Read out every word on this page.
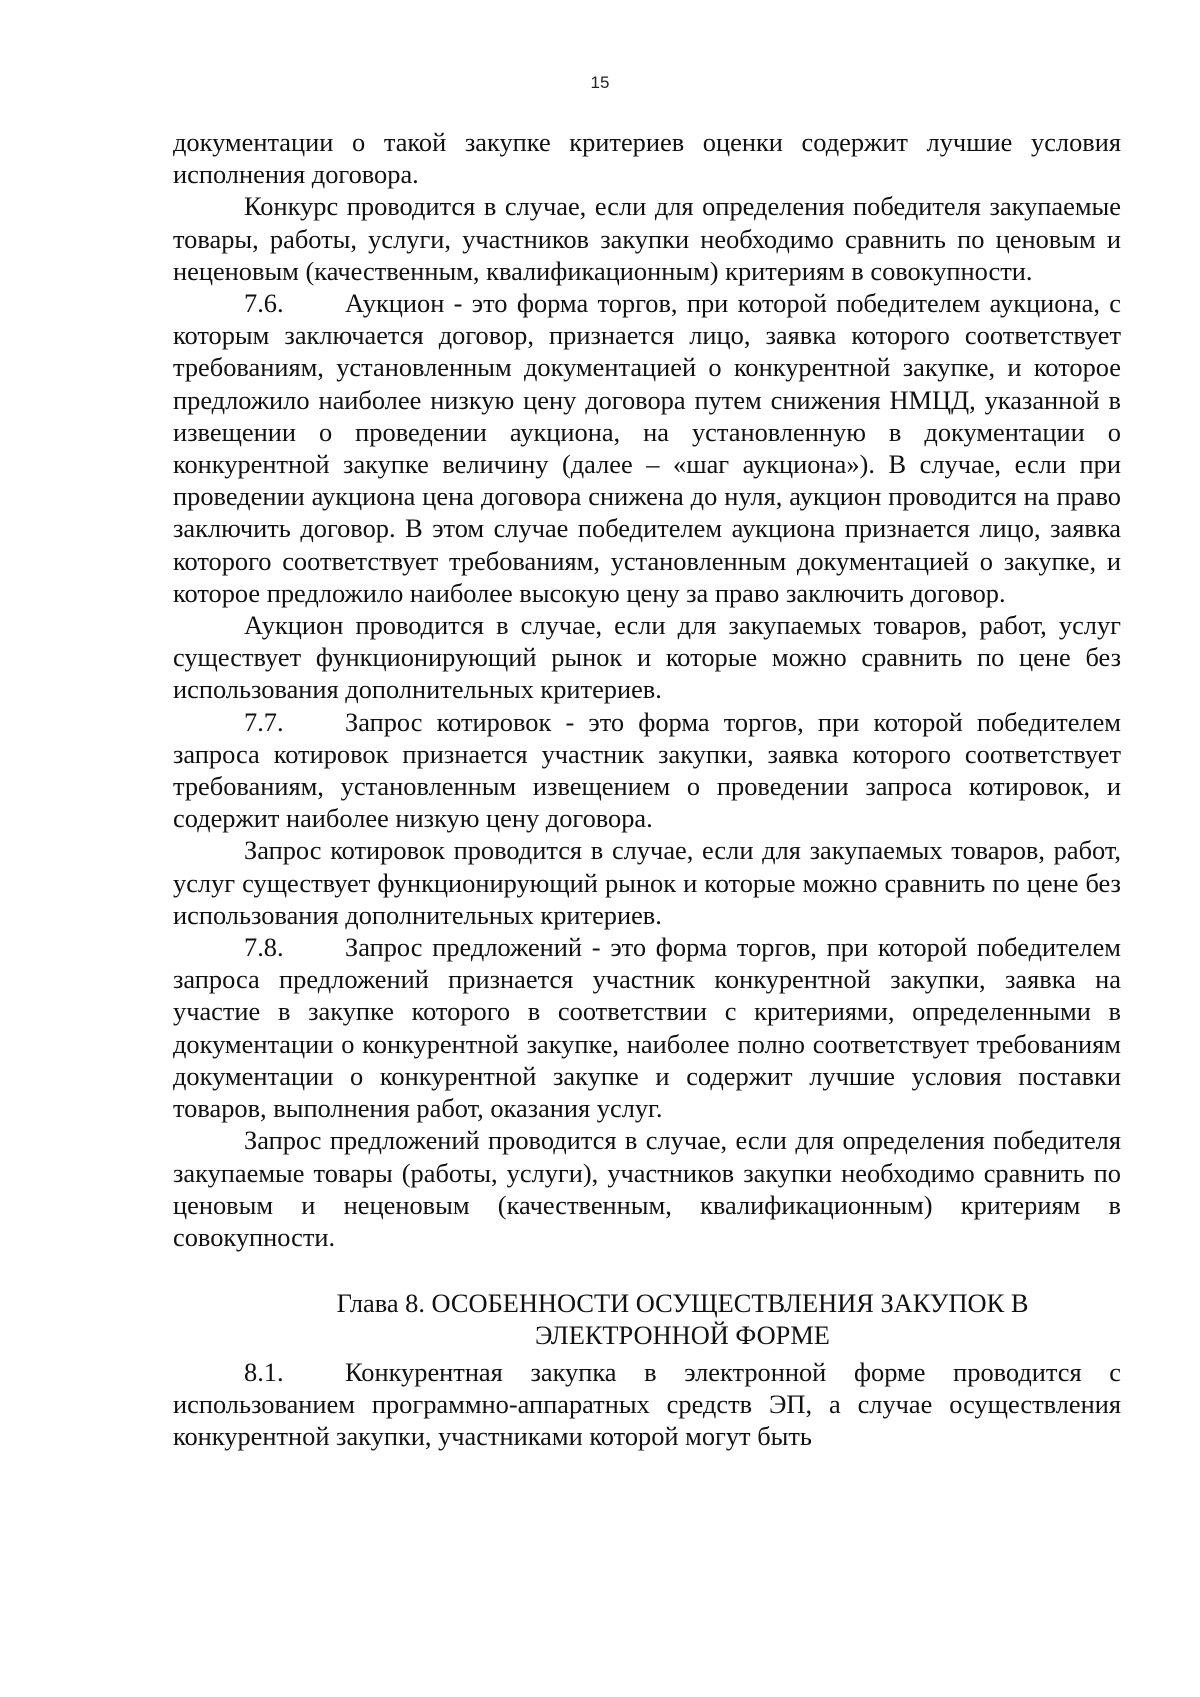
15

документации о такой закупке критериев оценки содержит лучшие условия исполнения договора.

Конкурс проводится в случае, если для определения победителя закупаемые товары, работы, услуги, участников закупки необходимо сравнить по ценовым и неценовым (качественным, квалификационным) критериям в совокупности.

7.6. Аукцион - это форма торгов, при которой победителем аукциона, с которым заключается договор, признается лицо, заявка которого соответствует требованиям, установленным документацией о конкурентной закупке, и которое предложило наиболее низкую цену договора путем снижения НМЦД, указанной в извещении о проведении аукциона, на установленную в документации о конкурентной закупке величину (далее – «шаг аукциона»). В случае, если при проведении аукциона цена договора снижена до нуля, аукцион проводится на право заключить договор. В этом случае победителем аукциона признается лицо, заявка которого соответствует требованиям, установленным документацией о закупке, и которое предложило наиболее высокую цену за право заключить договор.

Аукцион проводится в случае, если для закупаемых товаров, работ, услуг существует функционирующий рынок и которые можно сравнить по цене без использования дополнительных критериев.

7.7. Запрос котировок - это форма торгов, при которой победителем запроса котировок признается участник закупки, заявка которого соответствует требованиям, установленным извещением о проведении запроса котировок, и содержит наиболее низкую цену договора.

Запрос котировок проводится в случае, если для закупаемых товаров, работ, услуг существует функционирующий рынок и которые можно сравнить по цене без использования дополнительных критериев.

7.8. Запрос предложений - это форма торгов, при которой победителем запроса предложений признается участник конкурентной закупки, заявка на участие в закупке которого в соответствии с критериями, определенными в документации о конкурентной закупке, наиболее полно соответствует требованиям документации о конкурентной закупке и содержит лучшие условия поставки товаров, выполнения работ, оказания услуг.

Запрос предложений проводится в случае, если для определения победителя закупаемые товары (работы, услуги), участников закупки необходимо сравнить по ценовым и неценовым (качественным, квалификационным) критериям в совокупности.

Глава 8. ОСОБЕННОСТИ ОСУЩЕСТВЛЕНИЯ ЗАКУПОК В
ЭЛЕКТРОННОЙ ФОРМЕ

8.1. Конкурентная закупка в электронной форме проводится с использованием программно-аппаратных средств ЭП, а случае осуществления конкурентной закупки, участниками которой могут быть
